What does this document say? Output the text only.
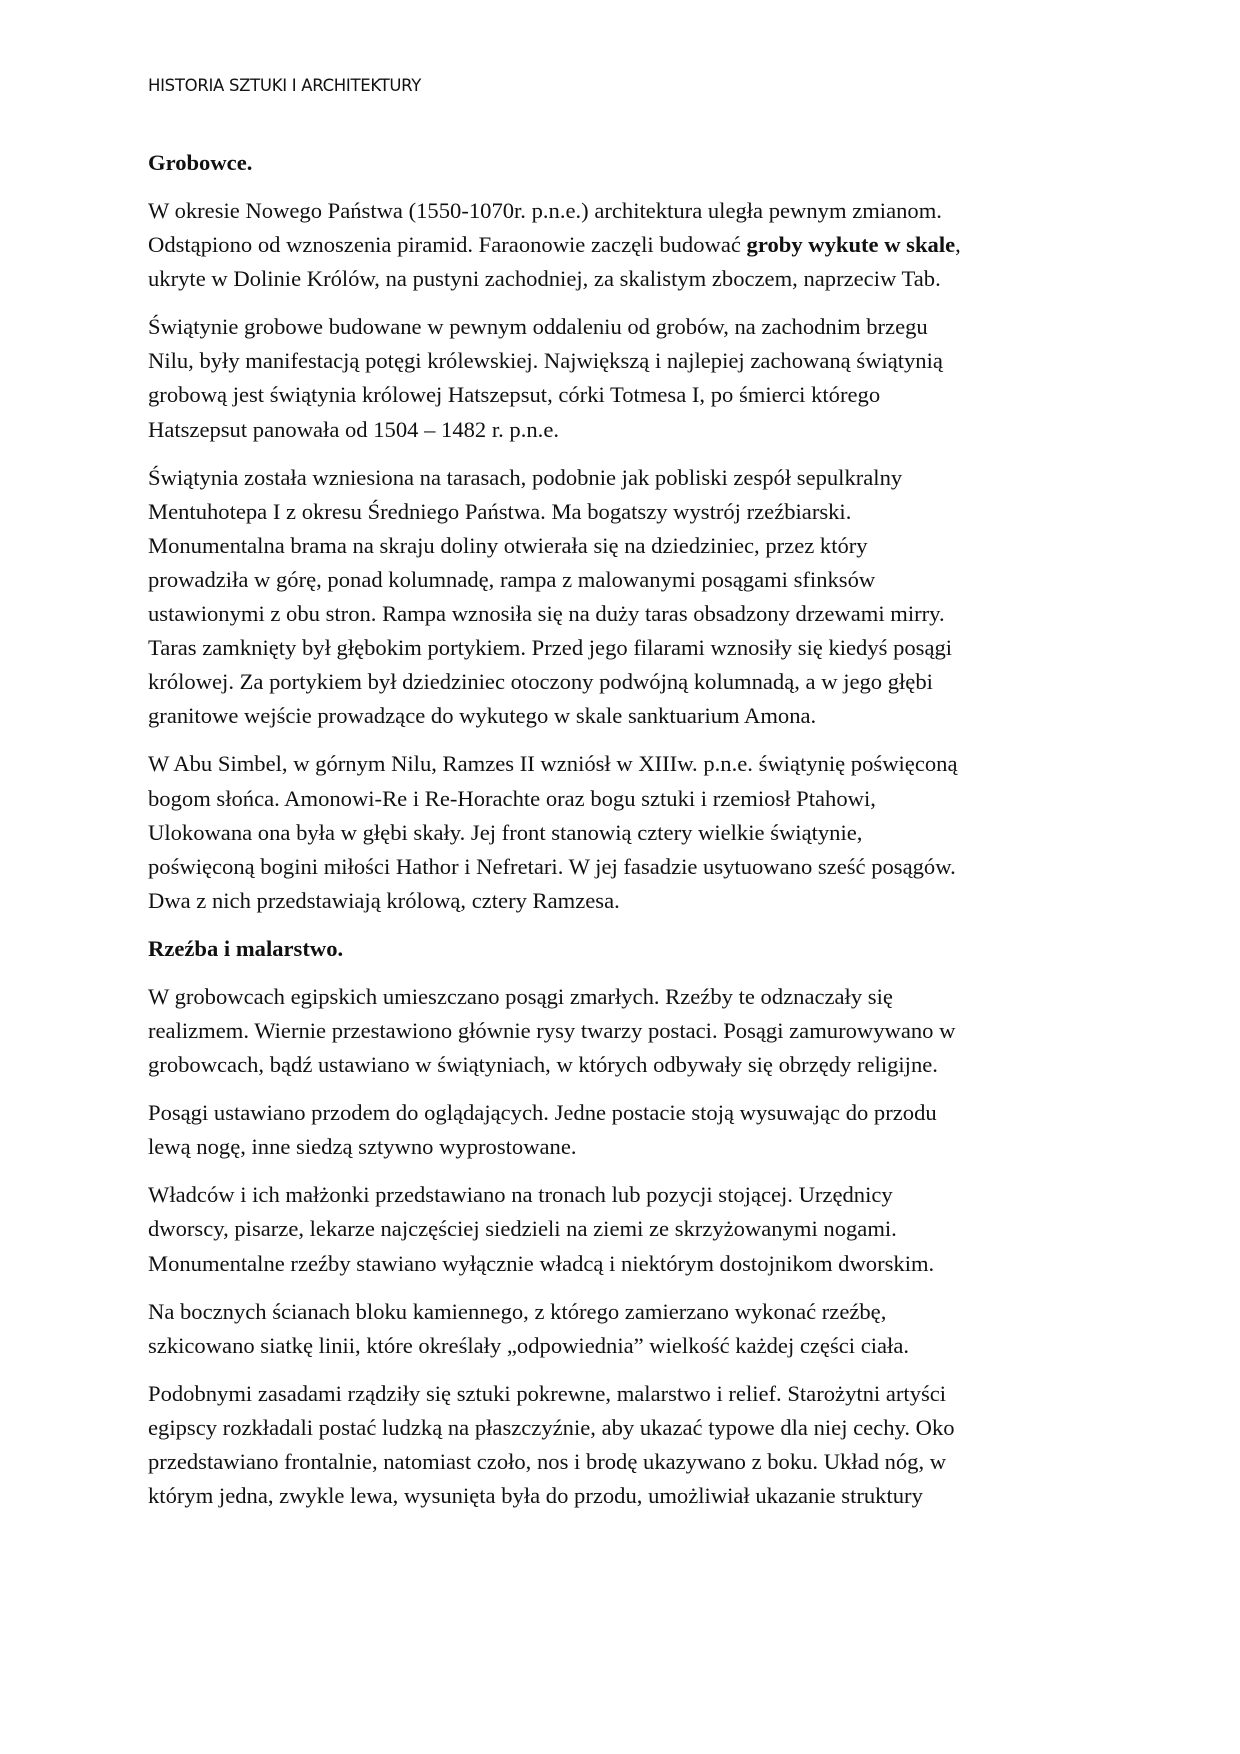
HISTORIA SZTUKI I ARCHITEKTURY
Grobowce.

W okresie Nowego Państwa (1550-1070r. p.n.e.) architektura uległa pewnym zmianom.
Odstąpiono od wznoszenia piramid. Faraonowie zaczęli budować groby wykute w skale,
ukryte w Dolinie Królów, na pustyni zachodniej, za skalistym zboczem, naprzeciw Tab.

Świątynie grobowe budowane w pewnym oddaleniu od grobów, na zachodnim brzegu
Nilu, były manifestacją potęgi królewskiej. Największą i najlepiej zachowaną świątynią
grobową jest świątynia królowej Hatszepsut, córki Totmesa I, po śmierci którego
Hatszepsut panowała od 1504 – 1482 r. p.n.e.

Świątynia została wzniesiona na tarasach, podobnie jak pobliski zespół sepulkralny
Mentuhotepa I z okresu Średniego Państwa. Ma bogatszy wystrój rzeźbiarski.
Monumentalna brama na skraju doliny otwierała się na dziedziniec, przez który
prowadziła w górę, ponad kolumnadę, rampa z malowanymi posągami sfinksów
ustawionymi z obu stron. Rampa wznosiła się na duży taras obsadzony drzewami mirry.
Taras zamknięty był głębokim portykiem. Przed jego filarami wznosiły się kiedyś posągi
królowej. Za portykiem był dziedziniec otoczony podwójną kolumnadą, a w jego głębi
granitowe wejście prowadzące do wykutego w skale sanktuarium Amona.

W Abu Simbel, w górnym Nilu, Ramzes II wzniósł w XIIIw. p.n.e. świątynię poświęconą
bogom słońca. Amonowi-Re i Re-Horachte oraz bogu sztuki i rzemiosł Ptahowi,
Ulokowana ona była w głębi skały. Jej front stanowią cztery wielkie świątynie,
poświęconą bogini miłości Hathor i Nefretari. W jej fasadzie usytuowano sześć posągów.
Dwa z nich przedstawiają królową, cztery Ramzesa.

Rzeźba i malarstwo.

W grobowcach egipskich umieszczano posągi zmarłych. Rzeźby te odznaczały się
realizmem. Wiernie przestawiono głównie rysy twarzy postaci. Posągi zamurowywano w
grobowcach, bądź ustawiano w świątyniach, w których odbywały się obrzędy religijne.

Posągi ustawiano przodem do oglądających. Jedne postacie stoją wysuwając do przodu
lewą nogę, inne siedzą sztywno wyprostowane.

Władców i ich małżonki przedstawiano na tronach lub pozycji stojącej. Urzędnicy
dworscy, pisarze, lekarze najczęściej siedzieli na ziemi ze skrzyżowanymi nogami.
Monumentalne rzeźby stawiano wyłącznie władcą i niektórym dostojnikom dworskim.

Na bocznych ścianach bloku kamiennego, z którego zamierzano wykonać rzeźbę,
szkicowano siatkę linii, które określały „odpowiednia” wielkość każdej części ciała.

Podobnymi zasadami rządziły się sztuki pokrewne, malarstwo i relief. Starożytni artyści
egipscy rozkładali postać ludzką na płaszczyźnie, aby ukazać typowe dla niej cechy. Oko
przedstawiano frontalnie, natomiast czoło, nos i brodę ukazywano z boku. Układ nóg, w
którym jedna, zwykle lewa, wysunięta była do przodu, umożliwiał ukazanie struktury
